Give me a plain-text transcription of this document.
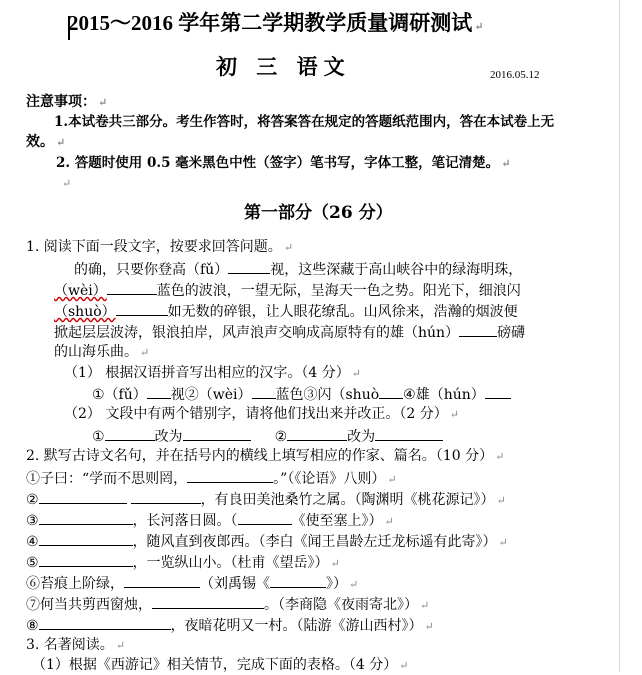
2015～2016 学年第二学期教学质量调研测试 ↵
初 三 语文	2016.05.12
注意事项： ↵
1.本试卷共三部分。考生作答时，将答案答在规定的答题纸范围内，答在本试卷上无
效。 ↵
2. 答题时使用 0.5 毫米黑色中性（签字）笔书写，字体工整，笔记清楚。 ↵
↵
第一部分（26 分）
1. 阅读下面一段文字，按要求回答问题。 ↵
的确，只要你登高（fǔ）	视，这些深藏于高山峡谷中的绿海明珠，
（wèi）	蓝色的波浪，一望无际，呈海天一色之势。阳光下，细浪闪
（shuò）	如无数的碎银，让人眼花缭乱。山风徐来，浩瀚的烟波便
掀起层层波涛，银浪拍岸，风声浪声交响成高原特有的雄（hún）	磅礴
的山海乐曲。 ↵
（1） 根据汉语拼音写出相应的汉字。（4 分） ↵
①（fǔ） 视②（wèi） 蓝色③闪（shuò ④雄（hún）
（2） 文段中有两个错别字，请将他们找出来并改正。（2 分） ↵
①	改为	②	改为
2. 默写古诗文名句，并在括号内的横线上填写相应的作家、篇名。（10 分） ↵
①子曰：“学而不思则罔，	。”（《论语》八则） ↵
②	，有良田美池桑竹之属。（陶渊明《桃花源记》） ↵
③	，长河落日圆。（	《使至塞上》） ↵
④	，随风直到夜郎西。（李白《闻王昌龄左迁龙标遥有此寄》） ↵
⑤	，一览纵山小。（杜甫《望岳》） ↵
⑥苔痕上阶绿，	（刘禹锡《	》） ↵
⑦何当共剪西窗烛，	。（李商隐《夜雨寄北》） ↵
⑧	，夜暗花明又一村。（陆游《游山西村》） ↵
3. 名著阅读。 ↵
（1）根据《西游记》相关情节，完成下面的表格。（4 分） ↵
